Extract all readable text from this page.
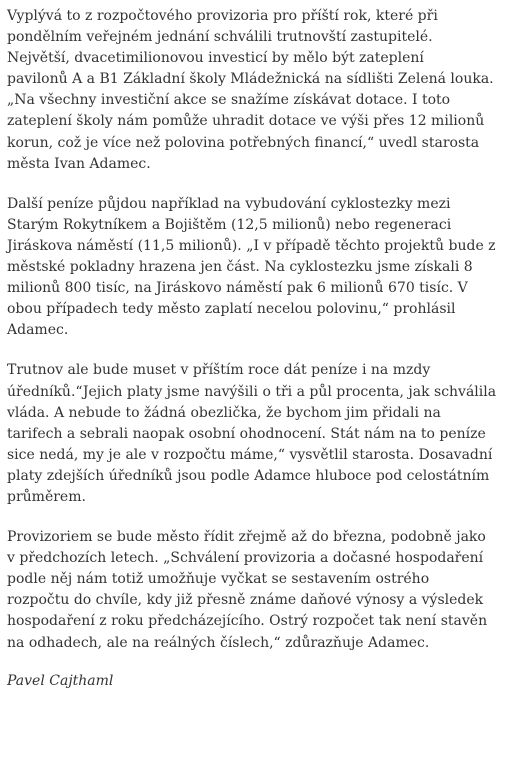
Vyplývá to z rozpočtového provizoria pro příští rok, které při
pondělním veřejném jednání schválili trutnovští zastupitelé.
Největší, dvacetimilionovou investicí by mělo být zateplení
pavilonů A a B1 Základní školy Mládežnická na sídlišti Zelená louka.
„Na všechny investiční akce se snažíme získávat dotace. I toto
zateplení školy nám pomůže uhradit dotace ve výši přes 12 milionů
korun, což je více než polovina potřebných financí,“ uvedl starosta
města Ivan Adamec.

Další peníze půjdou například na vybudování cyklostezky mezi
Starým Rokytníkem a Bojištěm (12,5 milionů) nebo regeneraci
Jiráskova náměstí (11,5 milionů). „I v případě těchto projektů bude z
městské pokladny hrazena jen část. Na cyklostezku jsme získali 8
milionů 800 tisíc, na Jiráskovo náměstí pak 6 milionů 670 tisíc. V
obou případech tedy město zaplatí necelou polovinu,“ prohlásil
Adamec.

Trutnov ale bude muset v příštím roce dát peníze i na mzdy
úředníků.“Jejich platy jsme navýšili o tři a půl procenta, jak schválila
vláda. A nebude to žádná obezlička, že bychom jim přidali na
tarifech a sebrali naopak osobní ohodnocení. Stát nám na to peníze
sice nedá, my je ale v rozpočtu máme,“ vysvětlil starosta. Dosavadní
platy zdejších úředníků jsou podle Adamce hluboce pod celostátním
průměrem.

Provizoriem se bude město řídit zřejmě až do března, podobně jako
v předchozích letech. „Schválení provizoria a dočasné hospodaření
podle něj nám totiž umožňuje vyčkat se sestavením ostrého
rozpočtu do chvíle, kdy již přesně známe daňové výnosy a výsledek
hospodaření z roku předcházejícího. Ostrý rozpočet tak není stavěn
na odhadech, ale na reálných číslech,“ zdůrazňuje Adamec.

Pavel Cajthaml
